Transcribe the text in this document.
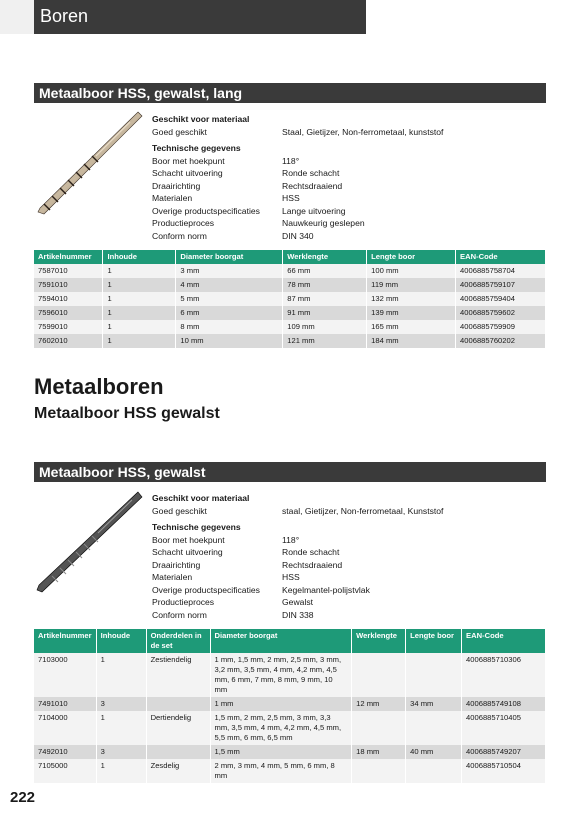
Boren
Metaalboor HSS, gewalst, lang
Geschikt voor materiaal
Goed geschikt	Staal, Gietijzer, Non-ferrometaal, kunststof
Technische gegevens
Boor met hoekpunt	118°
Schacht uitvoering	Ronde schacht
Draairichting	Rechtsdraaiend
Materialen	HSS
Overige productspecificaties	Lange uitvoering
Productieproces	Nauwkeurig geslepen
Conform norm	DIN 340
Artikelnummer	Inhoude	Diameter boorgat	Werklengte	Lengte boor	EAN-Code
7587010	1	3 mm	66 mm	100 mm	4006885758704
7591010	1	4 mm	78 mm	119 mm	4006885759107
7594010	1	5 mm	87 mm	132 mm	4006885759404
7596010	1	6 mm	91 mm	139 mm	4006885759602
7599010	1	8 mm	109 mm	165 mm	4006885759909
7602010	1	10 mm	121 mm	184 mm	4006885760202
Metaalboren
Metaalboor HSS gewalst
Metaalboor HSS, gewalst
Geschikt voor materiaal
Goed geschikt	staal, Gietijzer, Non-ferrometaal, Kunststof
Technische gegevens
Boor met hoekpunt	118°
Schacht uitvoering	Ronde schacht
Draairichting	Rechtsdraaiend
Materialen	HSS
Overige productspecificaties	Kegelmantel-polijstvlak
Productieproces	Gewalst
Conform norm	DIN 338
Artikelnummer	Inhoude	Onderdelen in de set	Diameter boorgat	Werklengte	Lengte boor	EAN-Code
7103000	1	Zestiendelig	1 mm, 1,5 mm, 2 mm, 2,5 mm, 3 mm, 3,2 mm, 3,5 mm, 4 mm, 4,2 mm, 4,5 mm, 6 mm, 7 mm, 8 mm, 9 mm, 10 mm			4006885710306
7491010	3		1 mm	12 mm	34 mm	4006885749108
7104000	1	Dertiendelig	1,5 mm, 2 mm, 2,5 mm, 3 mm, 3,3 mm, 3,5 mm, 4 mm, 4,2 mm, 4,5 mm, 5,5 mm, 6 mm, 6,5 mm			4006885710405
7492010	3		1,5 mm	18 mm	40 mm	4006885749207
7105000	1	Zesdelig	2 mm, 3 mm, 4 mm, 5 mm, 6 mm, 8 mm			4006885710504
222
